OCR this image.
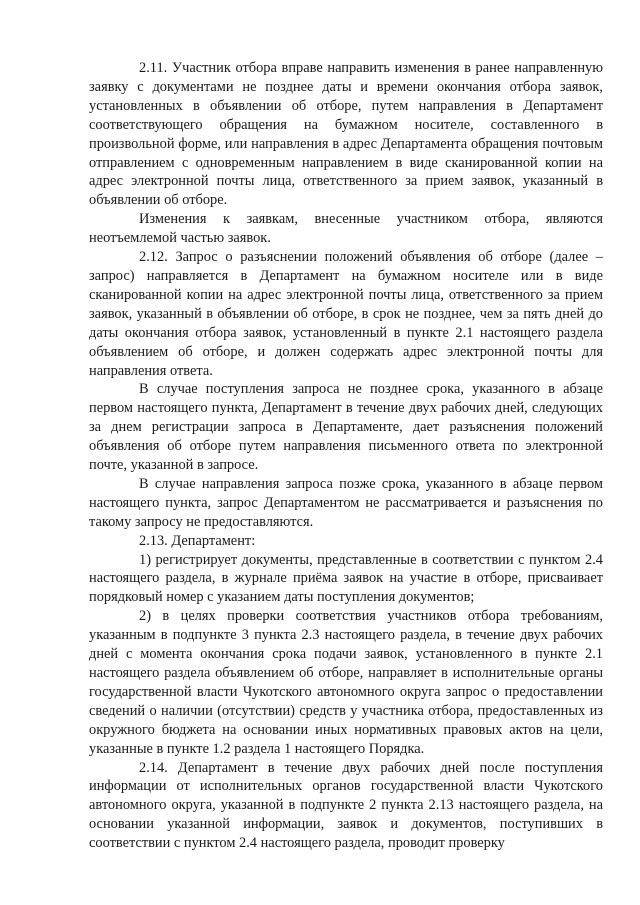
2.11. Участник отбора вправе направить изменения в ранее направленную заявку с документами не позднее даты и времени окончания отбора заявок, установленных в объявлении об отборе, путем направления в Департамент соответствующего обращения на бумажном носителе, составленного в произвольной форме, или направления в адрес Департамента обращения почтовым отправлением с одновременным направлением в виде сканированной копии на адрес электронной почты лица, ответственного за прием заявок, указанный в объявлении об отборе.

Изменения к заявкам, внесенные участником отбора, являются неотъемлемой частью заявок.

2.12. Запрос о разъяснении положений объявления об отборе (далее – запрос) направляется в Департамент на бумажном носителе или в виде сканированной копии на адрес электронной почты лица, ответственного за прием заявок, указанный в объявлении об отборе, в срок не позднее, чем за пять дней до даты окончания отбора заявок, установленный в пункте 2.1 настоящего раздела объявлением об отборе, и должен содержать адрес электронной почты для направления ответа.

В случае поступления запроса не позднее срока, указанного в абзаце первом настоящего пункта, Департамент в течение двух рабочих дней, следующих за днем регистрации запроса в Департаменте, дает разъяснения положений объявления об отборе путем направления письменного ответа по электронной почте, указанной в запросе.

В случае направления запроса позже срока, указанного в абзаце первом настоящего пункта, запрос Департаментом не рассматривается и разъяснения по такому запросу не предоставляются.

2.13. Департамент:

1) регистрирует документы, представленные в соответствии с пунктом 2.4 настоящего раздела, в журнале приёма заявок на участие в отборе, присваивает порядковый номер с указанием даты поступления документов;

2) в целях проверки соответствия участников отбора требованиям, указанным в подпункте 3 пункта 2.3 настоящего раздела, в течение двух рабочих дней с момента окончания срока подачи заявок, установленного в пункте 2.1 настоящего раздела объявлением об отборе, направляет в исполнительные органы государственной власти Чукотского автономного округа запрос о предоставлении сведений о наличии (отсутствии) средств у участника отбора, предоставленных из окружного бюджета на основании иных нормативных правовых актов на цели, указанные в пункте 1.2 раздела 1 настоящего Порядка.

2.14. Департамент в течение двух рабочих дней после поступления информации от исполнительных органов государственной власти Чукотского автономного округа, указанной в подпункте 2 пункта 2.13 настоящего раздела, на основании указанной информации, заявок и документов, поступивших в соответствии с пунктом 2.4 настоящего раздела, проводит проверку
